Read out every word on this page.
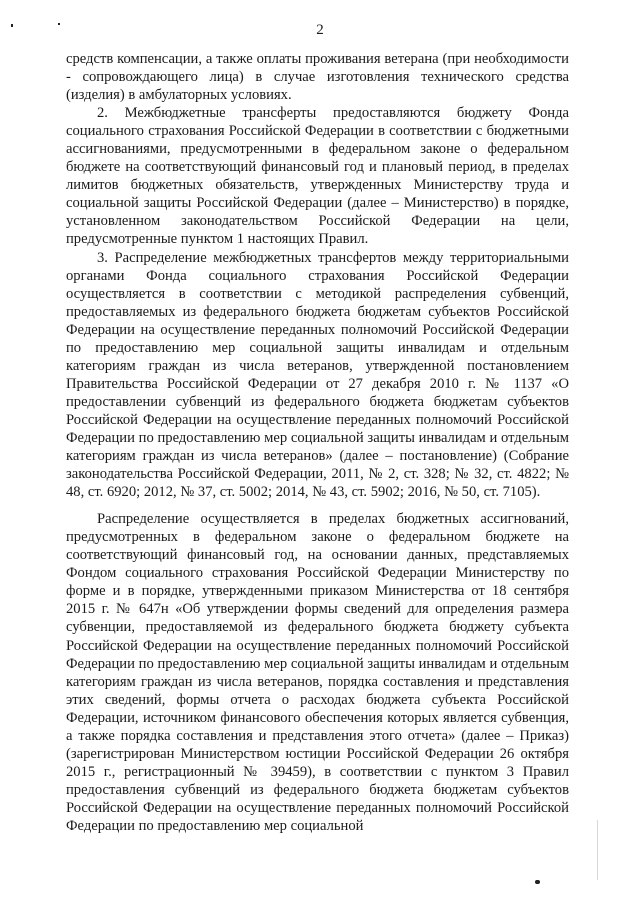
2

средств компенсации, а также оплаты проживания ветерана (при необходимости - сопровождающего лица) в случае изготовления технического средства (изделия) в амбулаторных условиях.

2. Межбюджетные трансферты предоставляются бюджету Фонда социального страхования Российской Федерации в соответствии с бюджетными ассигнованиями, предусмотренными в федеральном законе о федеральном бюджете на соответствующий финансовый год и плановый период, в пределах лимитов бюджетных обязательств, утвержденных Министерству труда и социальной защиты Российской Федерации (далее – Министерство) в порядке, установленном законодательством Российской Федерации на цели, предусмотренные пунктом 1 настоящих Правил.

3. Распределение межбюджетных трансфертов между территориальными органами Фонда социального страхования Российской Федерации осуществляется в соответствии с методикой распределения субвенций, предоставляемых из федерального бюджета бюджетам субъектов Российской Федерации на осуществление переданных полномочий Российской Федерации по предоставлению мер социальной защиты инвалидам и отдельным категориям граждан из числа ветеранов, утвержденной постановлением Правительства Российской Федерации от 27 декабря 2010 г. № 1137 «О предоставлении субвенций из федерального бюджета бюджетам субъектов Российской Федерации на осуществление переданных полномочий Российской Федерации по предоставлению мер социальной защиты инвалидам и отдельным категориям граждан из числа ветеранов» (далее – постановление) (Собрание законодательства Российской Федерации, 2011, № 2, ст. 328; № 32, ст. 4822; № 48, ст. 6920; 2012, № 37, ст. 5002; 2014, № 43, ст. 5902; 2016, № 50, ст. 7105).

Распределение осуществляется в пределах бюджетных ассигнований, предусмотренных в федеральном законе о федеральном бюджете на соответствующий финансовый год, на основании данных, представляемых Фондом социального страхования Российской Федерации Министерству по форме и в порядке, утвержденными приказом Министерства от 18 сентября 2015 г. № 647н «Об утверждении формы сведений для определения размера субвенции, предоставляемой из федерального бюджета бюджету субъекта Российской Федерации на осуществление переданных полномочий Российской Федерации по предоставлению мер социальной защиты инвалидам и отдельным категориям граждан из числа ветеранов, порядка составления и представления этих сведений, формы отчета о расходах бюджета субъекта Российской Федерации, источником финансового обеспечения которых является субвенция, а также порядка составления и представления этого отчета» (далее – Приказ) (зарегистрирован Министерством юстиции Российской Федерации 26 октября 2015 г., регистрационный № 39459), в соответствии с пунктом 3 Правил предоставления субвенций из федерального бюджета бюджетам субъектов Российской Федерации на осуществление переданных полномочий Российской Федерации по предоставлению мер социальной
